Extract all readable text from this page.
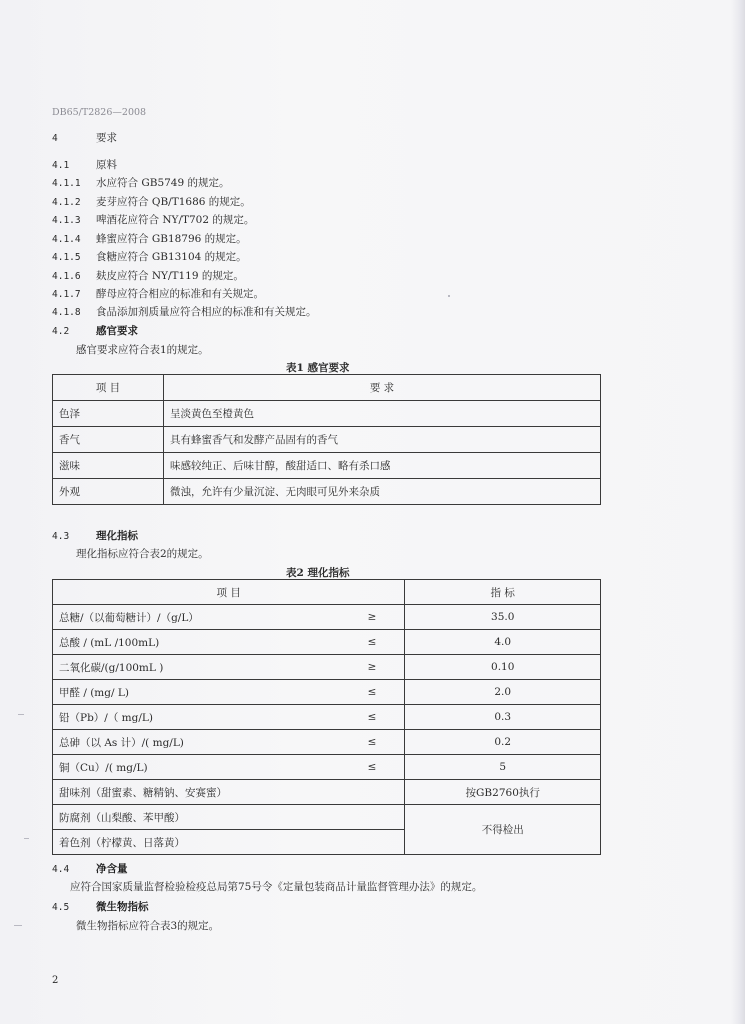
DB65/T2826—2008
4	要求
4.1	原料
4.1.1 水应符合 GB5749 的规定。
4.1.2 麦芽应符合 QB/T1686 的规定。
4.1.3 啤酒花应符合 NY/T702 的规定。
4.1.4 蜂蜜应符合 GB18796 的规定。
4.1.5 食糖应符合 GB13104 的规定。
4.1.6 麸皮应符合 NY/T119 的规定。
4.1.7 酵母应符合相应的标准和有关规定。
4.1.8 食品添加剂质量应符合相应的标准和有关规定。
4.2	感官要求
感官要求应符合表1的规定。
表1 感官要求
项 目	要 求
色泽	呈淡黄色至橙黄色
香气	具有蜂蜜香气和发酵产品固有的香气
滋味	味感较纯正、后味甘醇，酸甜适口、略有杀口感
外观	微浊，允许有少量沉淀、无肉眼可见外来杂质
4.3	理化指标
理化指标应符合表2的规定。
表2 理化指标
项 目		指 标
总糖/（以葡萄糖计）/（g/L）	≥	35.0
总酸 / (mL /100mL)	≤	4.0
二氧化碳/(g/100mL )	≥	0.10
甲醛 / (mg/ L)	≤	2.0
铅（Pb）/（ mg/L)	≤	0.3
总砷（以 As 计）/( mg/L)	≤	0.2
铜（Cu）/( mg/L)	≤	5
甜味剂（甜蜜素、糖精钠、安赛蜜）		按GB2760执行
防腐剂（山梨酸、苯甲酸）		不得检出
着色剂（柠檬黄、日落黄）		
4.4	净含量
应符合国家质量监督检验检疫总局第75号令《定量包装商品计量监督管理办法》的规定。
4.5	微生物指标
微生物指标应符合表3的规定。
2
